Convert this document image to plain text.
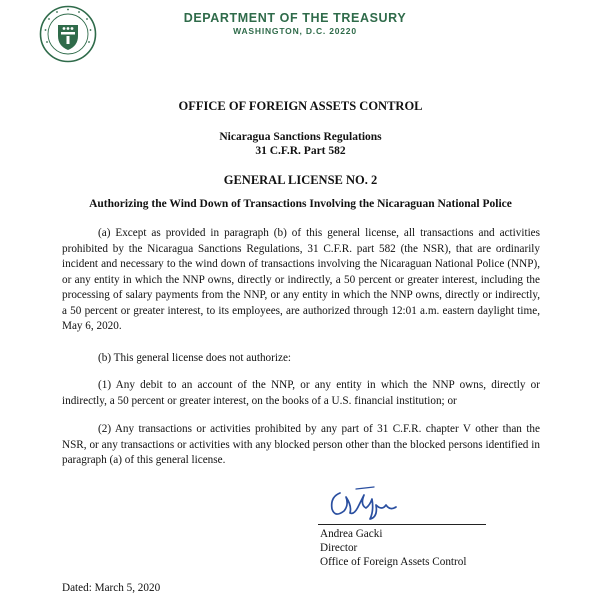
DEPARTMENT OF THE TREASURY
WASHINGTON, D.C. 20220
OFFICE OF FOREIGN ASSETS CONTROL
Nicaragua Sanctions Regulations
31 C.F.R. Part 582
GENERAL LICENSE NO. 2
Authorizing the Wind Down of Transactions Involving the Nicaraguan National Police

(a) Except as provided in paragraph (b) of this general license, all transactions and activities prohibited by the Nicaragua Sanctions Regulations, 31 C.F.R. part 582 (the NSR), that are ordinarily incident and necessary to the wind down of transactions involving the Nicaraguan National Police (NNP), or any entity in which the NNP owns, directly or indirectly, a 50 percent or greater interest, including the processing of salary payments from the NNP, or any entity in which the NNP owns, directly or indirectly, a 50 percent or greater interest, to its employees, are authorized through 12:01 a.m. eastern daylight time, May 6, 2020.

(b) This general license does not authorize:

(1) Any debit to an account of the NNP, or any entity in which the NNP owns, directly or indirectly, a 50 percent or greater interest, on the books of a U.S. financial institution; or

(2) Any transactions or activities prohibited by any part of 31 C.F.R. chapter V other than the NSR, or any transactions or activities with any blocked person other than the blocked persons identified in paragraph (a) of this general license.

Andrea Gacki
Director
Office of Foreign Assets Control
Dated: March 5, 2020
